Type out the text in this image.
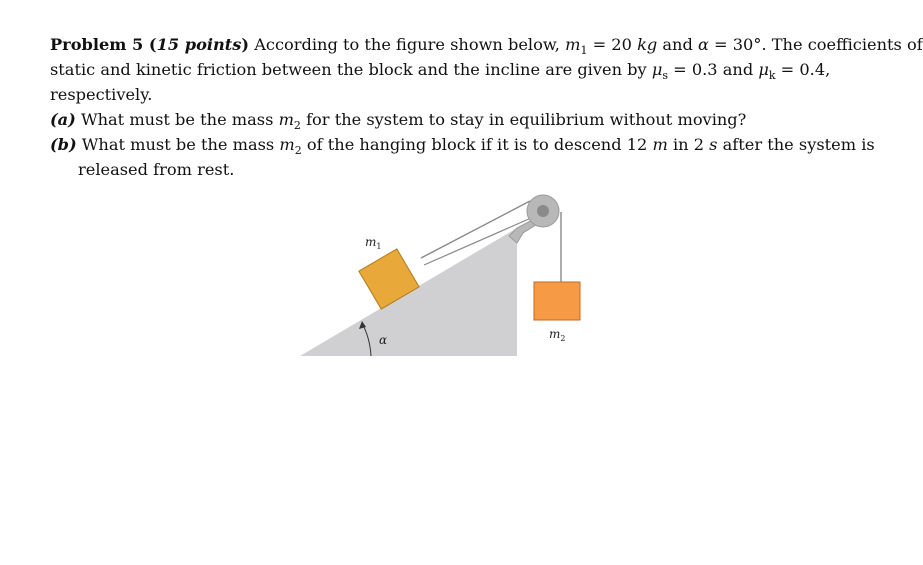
Problem 5 (15 points) According to the figure shown below, $m_1 = 20$ kg and α = 30°. The coefficients of
static and kinetic friction between the block and the incline are given by $\mu_s = 0.3$ and $\mu_k = 0.4$,
respectively.
(a) What must be the mass $m_2$ for the system to stay in equilibrium without moving?
(b) What must be the mass $m_2$ of the hanging block if it is to descend 12 m in 2 s after the system is
released from rest.
$m_1$
α	$m_2$
